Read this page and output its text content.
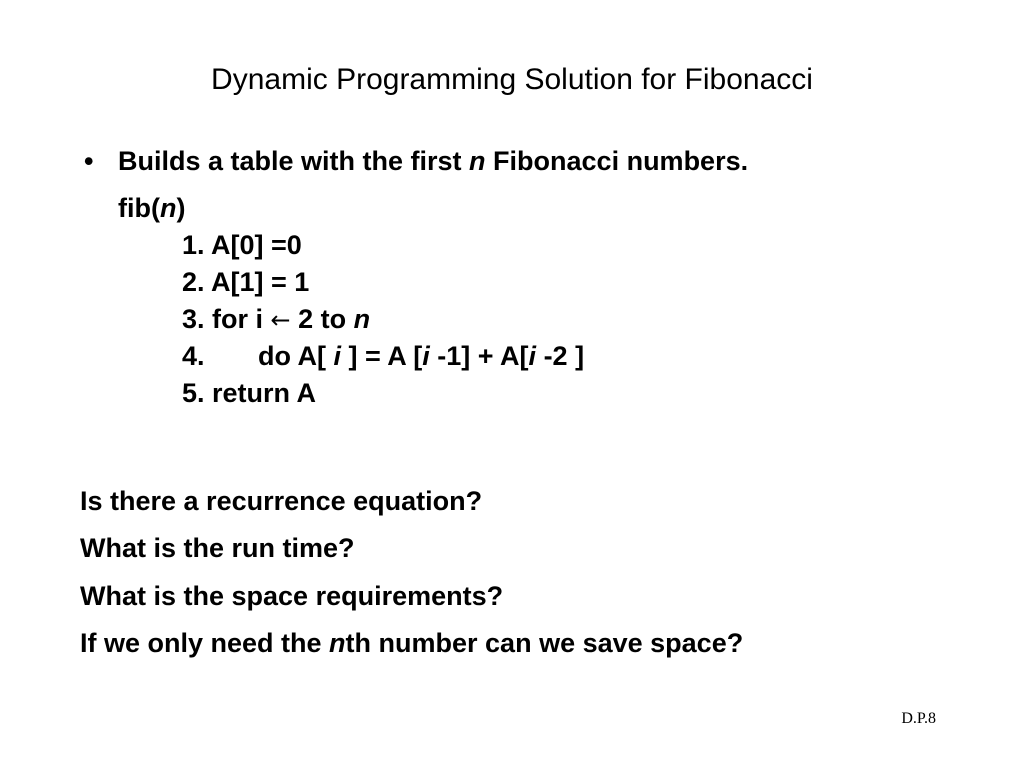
Dynamic Programming Solution for Fibonacci
• Builds a table with the first n Fibonacci numbers.
fib(n)
1. A[0] =0
2. A[1] = 1
3. for i ← 2 to n
4. do A[ i ] = A [i -1] + A[i -2 ]
5. return A
Is there a recurrence equation?
What is the run time?
What is the space requirements?
If we only need the nth number can we save space?
D.P.8
